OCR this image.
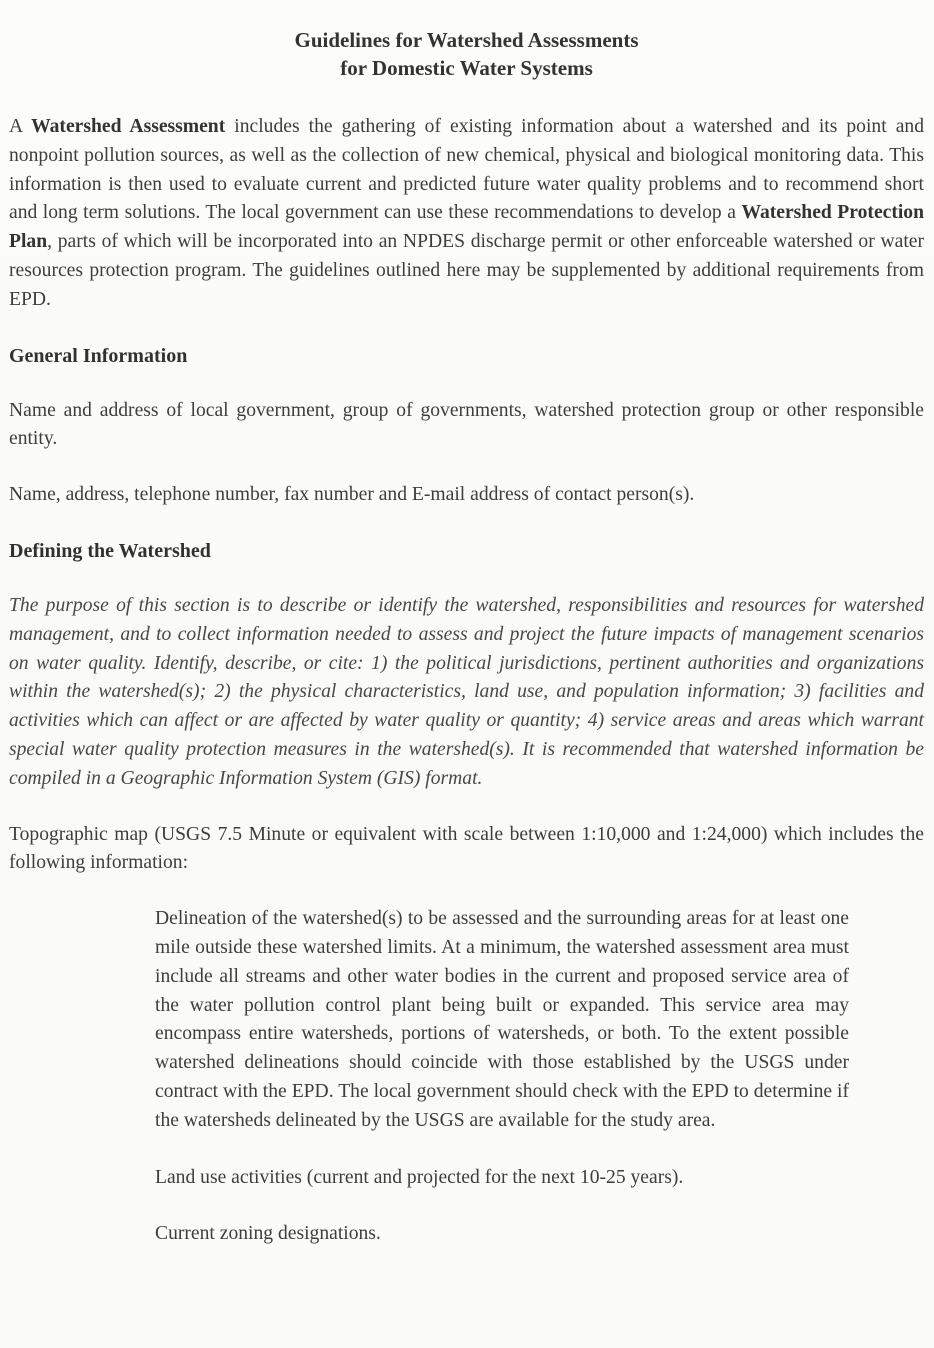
Guidelines for Watershed Assessments
for Domestic Water Systems

A Watershed Assessment includes the gathering of existing information about a watershed and its point and nonpoint pollution sources, as well as the collection of new chemical, physical and biological monitoring data. This information is then used to evaluate current and predicted future water quality problems and to recommend short and long term solutions. The local government can use these recommendations to develop a Watershed Protection Plan, parts of which will be incorporated into an NPDES discharge permit or other enforceable watershed or water resources protection program. The guidelines outlined here may be supplemented by additional requirements from EPD.

General Information

Name and address of local government, group of governments, watershed protection group or other responsible entity.

Name, address, telephone number, fax number and E-mail address of contact person(s).

Defining the Watershed

The purpose of this section is to describe or identify the watershed, responsibilities and resources for watershed management, and to collect information needed to assess and project the future impacts of management scenarios on water quality. Identify, describe, or cite: 1) the political jurisdictions, pertinent authorities and organizations within the watershed(s); 2) the physical characteristics, land use, and population information; 3) facilities and activities which can affect or are affected by water quality or quantity; 4) service areas and areas which warrant special water quality protection measures in the watershed(s). It is recommended that watershed information be compiled in a Geographic Information System (GIS) format.

Topographic map (USGS 7.5 Minute or equivalent with scale between 1:10,000 and 1:24,000) which includes the following information:

Delineation of the watershed(s) to be assessed and the surrounding areas for at least one mile outside these watershed limits. At a minimum, the watershed assessment area must include all streams and other water bodies in the current and proposed service area of the water pollution control plant being built or expanded. This service area may encompass entire watersheds, portions of watersheds, or both. To the extent possible watershed delineations should coincide with those established by the USGS under contract with the EPD. The local government should check with the EPD to determine if the watersheds delineated by the USGS are available for the study area.

Land use activities (current and projected for the next 10-25 years).

Current zoning designations.
